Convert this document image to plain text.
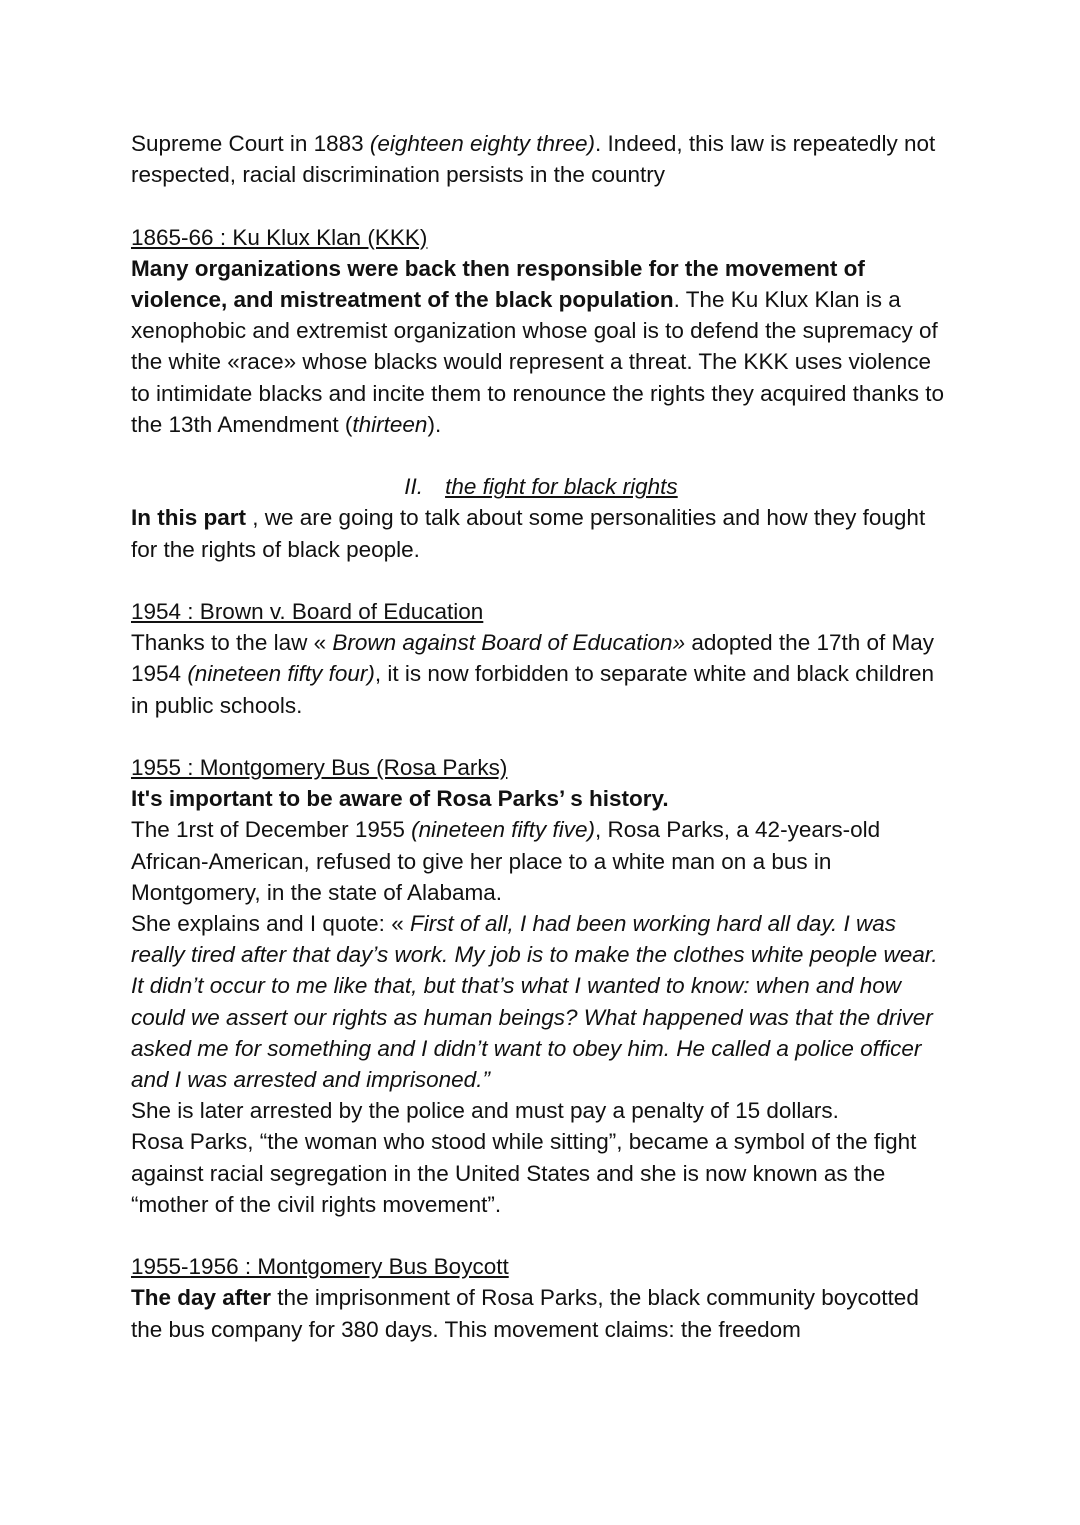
Supreme Court in 1883 (eighteen eighty three). Indeed, this law is repeatedly not respected, racial discrimination persists in the country

1865-66 : Ku Klux Klan (KKK)

Many organizations were back then responsible for the movement of violence, and mistreatment of the black population. The Ku Klux Klan is a xenophobic and extremist organization whose goal is to defend the supremacy of the white «race» whose blacks would represent a threat. The KKK uses violence to intimidate blacks and incite them to renounce the rights they acquired thanks to the 13th Amendment (thirteen).

II. the fight for black rights

In this part , we are going to talk about some personalities and how they fought for the rights of black people.

1954 : Brown v. Board of Education

Thanks to the law « Brown against Board of Education» adopted the 17th of May 1954 (nineteen fifty four), it is now forbidden to separate white and black children in public schools.

1955 : Montgomery Bus (Rosa Parks)

It's important to be aware of Rosa Parks’ s history.

The 1rst of December 1955 (nineteen fifty five), Rosa Parks, a 42-years-old African-American, refused to give her place to a white man on a bus in Montgomery, in the state of Alabama.

She explains and I quote: « First of all, I had been working hard all day. I was really tired after that day’s work. My job is to make the clothes white people wear. It didn’t occur to me like that, but that’s what I wanted to know: when and how could we assert our rights as human beings? What happened was that the driver asked me for something and I didn’t want to obey him. He called a police officer and I was arrested and imprisoned.”

She is later arrested by the police and must pay a penalty of 15 dollars.

Rosa Parks, “the woman who stood while sitting”, became a symbol of the fight against racial segregation in the United States and she is now known as the “mother of the civil rights movement”.

1955-1956 : Montgomery Bus Boycott

The day after the imprisonment of Rosa Parks, the black community boycotted the bus company for 380 days. This movement claims: the freedom
